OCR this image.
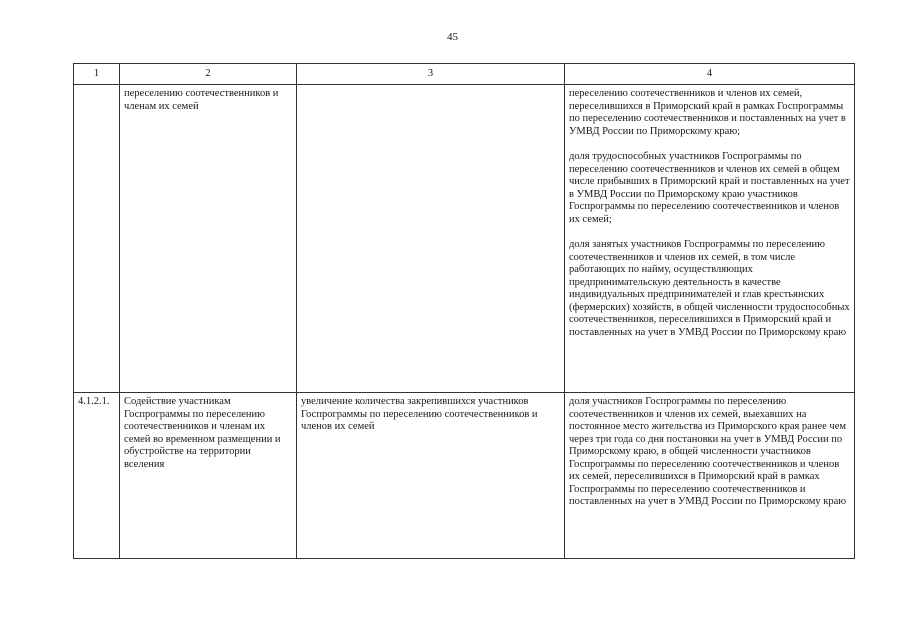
45
1	2	3	4
	переселению соотечественников и членам их семей		переселению соотечественников и членов их семей, переселившихся в Приморский край в рамках Госпрограммы по переселению соотечественников и поставленных на учет в УМВД России по Приморскому краю;

доля трудоспособных участников Госпрограммы по переселению соотечественников и членов их семей в общем числе прибывших в Приморский край и поставленных на учет в УМВД России по Приморскому краю участников Госпрограммы по переселению соотечественников и членов их семей;

доля занятых участников Госпрограммы по переселению соотечественников и членов их семей, в том числе работающих по найму, осуществляющих предпринимательскую деятельность в качестве индивидуальных предпринимателей и глав крестьянских (фермерских) хозяйств, в общей численности трудоспособных соотечественников, переселившихся в Приморский край и поставленных на учет в УМВД России по Приморскому краю

4.1.2.1.	Содействие участникам Госпрограммы по переселению соотечественников и членам их семей во временном размещении и обустройстве на территории вселения	увеличение количества закрепившихся участников Госпрограммы по переселению соотечественников и членов их семей	доля участников Госпрограммы по переселению соотечественников и членов их семей, выехавших на постоянное место жительства из Приморского края ранее чем через три года со дня постановки на учет в УМВД России по Приморскому краю, в общей численности участников Госпрограммы по переселению соотечественников и членов их семей, переселившихся в Приморский край в рамках Госпрограммы по переселению соотечественников и поставленных на учет в УМВД России по Приморскому краю
